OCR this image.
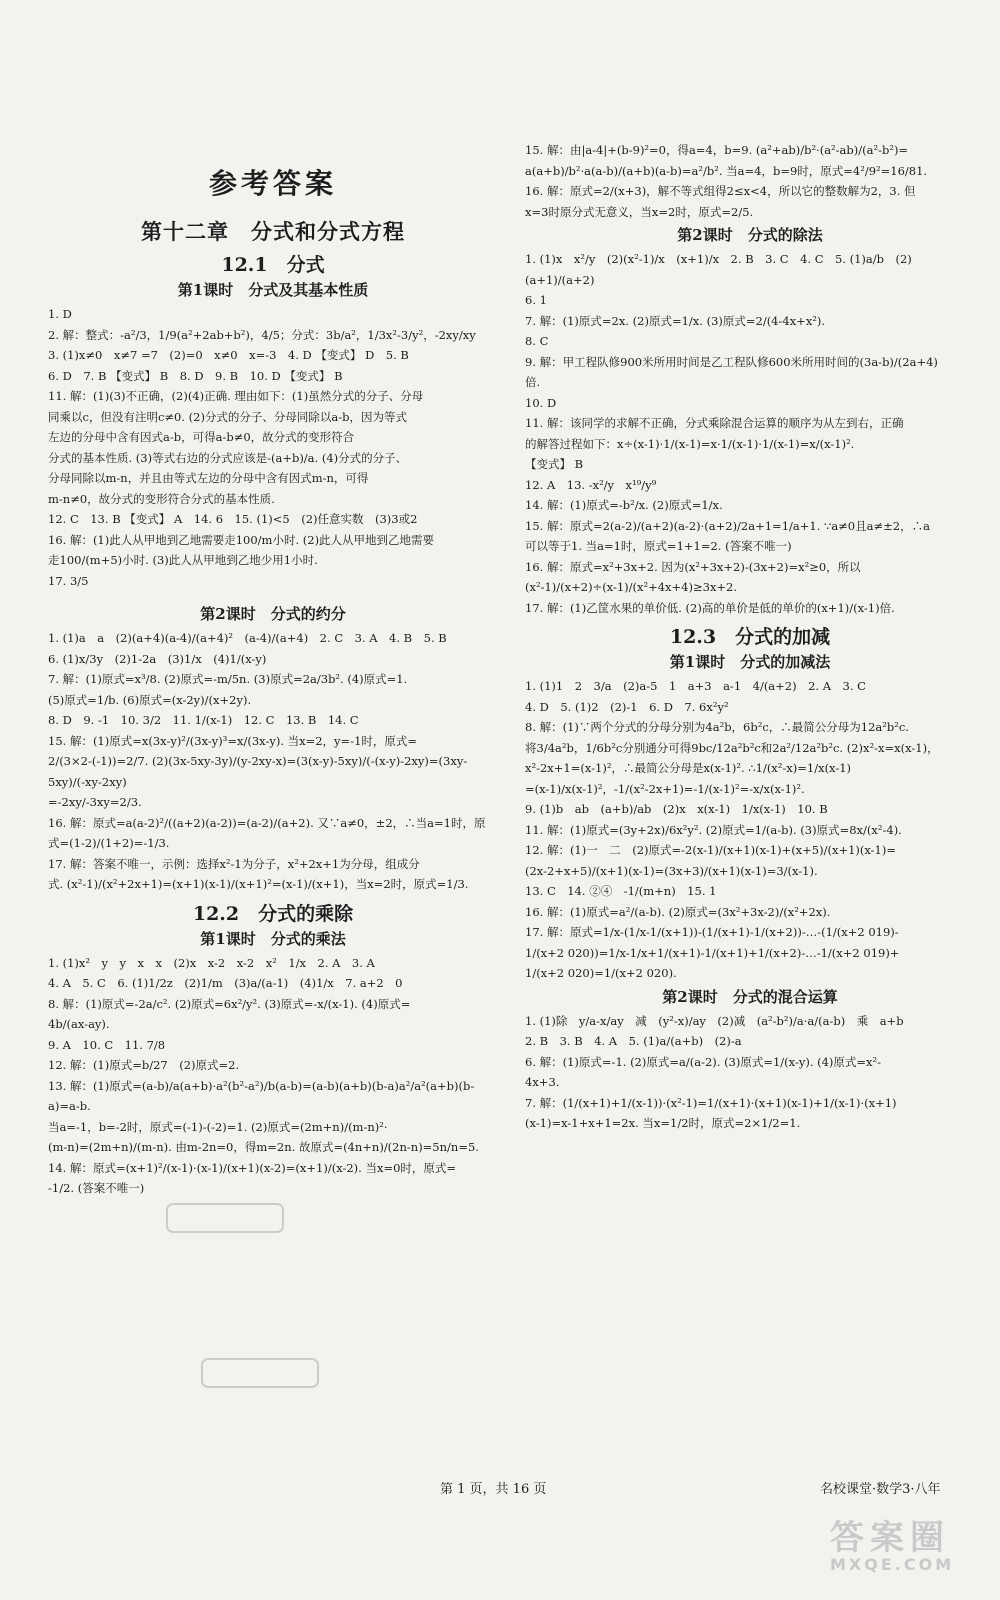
参考答案
第十二章　分式和分式方程
12.1　分式
第1课时　分式及其基本性质

1. D

2. 解：整式：-a²/3，1/9(a²+2ab+b²)，4/5；分式：3b/a²，1/3x²-3/y²，-2xy/xy

3. (1)x≠0　x≠7 =7　(2)=0　x≠0　x=-3　4. D 【变式】 D　5. B

6. D　7. B 【变式】 B　8. D　9. B　10. D 【变式】 B

11. 解：(1)(3)不正确，(2)(4)正确. 理由如下：(1)虽然分式的分子、分母

同乘以c，但没有注明c≠0. (2)分式的分子、分母同除以a-b，因为等式

左边的分母中含有因式a-b，可得a-b≠0，故分式的变形符合

分式的基本性质. (3)等式右边的分式应该是-(a+b)/a. (4)分式的分子、

分母同除以m-n，并且由等式左边的分母中含有因式m-n，可得

m-n≠0，故分式的变形符合分式的基本性质.

12. C　13. B 【变式】 A　14. 6　15. (1)<5　(2)任意实数　(3)3或2

16. 解：(1)此人从甲地到乙地需要走100/m小时. (2)此人从甲地到乙地需要

走100/(m+5)小时. (3)此人从甲地到乙地少用1小时.

17. 3/5

第2课时　分式的约分

1. (1)a　a　(2)(a+4)(a-4)/(a+4)²　(a-4)/(a+4)　2. C　3. A　4. B　5. B

6. (1)x/3y　(2)1-2a　(3)1/x　(4)1/(x-y)

7. 解：(1)原式=x³/8. (2)原式=-m/5n. (3)原式=2a/3b². (4)原式=1.

(5)原式=1/b. (6)原式=(x-2y)/(x+2y).

8. D　9. -1　10. 3/2　11. 1/(x-1)　12. C　13. B　14. C

15. 解：(1)原式=x(3x-y)²/(3x-y)³=x/(3x-y). 当x=2，y=-1时，原式=

2/(3×2-(-1))=2/7. (2)(3x-5xy-3y)/(y-2xy-x)=(3(x-y)-5xy)/(-(x-y)-2xy)=(3xy-5xy)/(-xy-2xy)

=-2xy/-3xy=2/3.

16. 解：原式=a(a-2)²/((a+2)(a-2))=(a-2)/(a+2). 又∵a≠0，±2，∴当a=1时，原

式=(1-2)/(1+2)=-1/3.

17. 解：答案不唯一，示例：选择x²-1为分子，x²+2x+1为分母，组成分

式. (x²-1)/(x²+2x+1)=(x+1)(x-1)/(x+1)²=(x-1)/(x+1)，当x=2时，原式=1/3.

12.2　分式的乘除
第1课时　分式的乘法

1. (1)x²　y　y　x　x　(2)x　x-2　x-2　x²　1/x　2. A　3. A

4. A　5. C　6. (1)1/2z　(2)1/m　(3)a/(a-1)　(4)1/x　7. a+2　0

8. 解：(1)原式=-2a/c². (2)原式=6x²/y². (3)原式=-x/(x-1). (4)原式=

4b/(ax-ay).

9. A　10. C　11. 7/8

12. 解：(1)原式=b/27　(2)原式=2.

13. 解：(1)原式=(a-b)/a(a+b)·a²(b²-a²)/b(a-b)=(a-b)(a+b)(b-a)a²/a²(a+b)(b-a)=a-b.

当a=-1，b=-2时，原式=(-1)-(-2)=1. (2)原式=(2m+n)/(m-n)²·

(m-n)=(2m+n)/(m-n). 由m-2n=0，得m=2n. 故原式=(4n+n)/(2n-n)=5n/n=5.

14. 解：原式=(x+1)²/(x-1)·(x-1)/(x+1)(x-2)=(x+1)/(x-2). 当x=0时，原式=

-1/2. (答案不唯一)

15. 解：由|a-4|+(b-9)²=0，得a=4，b=9. (a²+ab)/b²·(a²-ab)/(a²-b²)=

a(a+b)/b²·a(a-b)/(a+b)(a-b)=a²/b². 当a=4，b=9时，原式=4²/9²=16/81.

16. 解：原式=2/(x+3)，解不等式组得2≤x<4，所以它的整数解为2，3. 但

x=3时原分式无意义，当x=2时，原式=2/5.

第2课时　分式的除法

1. (1)x　x²/y　(2)(x²-1)/x　(x+1)/x　2. B　3. C　4. C　5. (1)a/b　(2)(a+1)/(a+2)

6. 1

7. 解：(1)原式=2x. (2)原式=1/x. (3)原式=2/(4-4x+x²).

8. C

9. 解：甲工程队修900米所用时间是乙工程队修600米所用时间的(3a-b)/(2a+4)

倍.

10. D

11. 解：该同学的求解不正确，分式乘除混合运算的顺序为从左到右，正确

的解答过程如下：x÷(x-1)·1/(x-1)=x·1/(x-1)·1/(x-1)=x/(x-1)².

【变式】 B

12. A　13. -x²/y　x¹⁹/y⁹

14. 解：(1)原式=-b²/x. (2)原式=1/x.

15. 解：原式=2(a-2)/(a+2)(a-2)·(a+2)/2a+1=1/a+1. ∵a≠0且a≠±2，∴a

可以等于1. 当a=1时，原式=1+1=2. (答案不唯一)

16. 解：原式=x²+3x+2. 因为(x²+3x+2)-(3x+2)=x²≥0，所以

(x²-1)/(x+2)÷(x-1)/(x²+4x+4)≥3x+2.

17. 解：(1)乙筐水果的单价低. (2)高的单价是低的单价的(x+1)/(x-1)倍.

12.3　分式的加减
第1课时　分式的加减法

1. (1)1　2　3/a　(2)a-5　1　a+3　a-1　4/(a+2)　2. A　3. C

4. D　5. (1)2　(2)-1　6. D　7. 6x²y²

8. 解：(1)∵两个分式的分母分别为4a²b，6b²c，∴最简公分母为12a²b²c.

将3/4a²b，1/6b²c分别通分可得9bc/12a²b²c和2a²/12a²b²c. (2)x²-x=x(x-1)，

x²-2x+1=(x-1)²，∴最简公分母是x(x-1)². ∴1/(x²-x)=1/x(x-1)

=(x-1)/x(x-1)²，-1/(x²-2x+1)=-1/(x-1)²=-x/x(x-1)².

9. (1)b　ab　(a+b)/ab　(2)x　x(x-1)　1/x(x-1)　10. B

11. 解：(1)原式=(3y+2x)/6x²y². (2)原式=1/(a-b). (3)原式=8x/(x²-4).

12. 解：(1)一　二　(2)原式=-2(x-1)/(x+1)(x-1)+(x+5)/(x+1)(x-1)=

(2x-2+x+5)/(x+1)(x-1)=(3x+3)/(x+1)(x-1)=3/(x-1).

13. C　14. ②④　-1/(m+n)　15. 1

16. 解：(1)原式=a²/(a-b). (2)原式=(3x²+3x-2)/(x²+2x).

17. 解：原式=1/x-(1/x-1/(x+1))-(1/(x+1)-1/(x+2))-…-(1/(x+2 019)-

1/(x+2 020))=1/x-1/x+1/(x+1)-1/(x+1)+1/(x+2)-…-1/(x+2 019)+

1/(x+2 020)=1/(x+2 020).

第2课时　分式的混合运算

1. (1)除　y/a-x/ay　减　(y²-x)/ay　(2)减　(a²-b²)/a·a/(a-b)　乘　a+b

2. B　3. B　4. A　5. (1)a/(a+b)　(2)-a

6. 解：(1)原式=-1. (2)原式=a/(a-2). (3)原式=1/(x-y). (4)原式=x²-

4x+3.

7. 解：(1/(x+1)+1/(x-1))·(x²-1)=1/(x+1)·(x+1)(x-1)+1/(x-1)·(x+1)

(x-1)=x-1+x+1=2x. 当x=1/2时，原式=2×1/2=1.

第 1 页，共 16 页	名校课堂·数学3·八年
答案圈
MXQE.COM
